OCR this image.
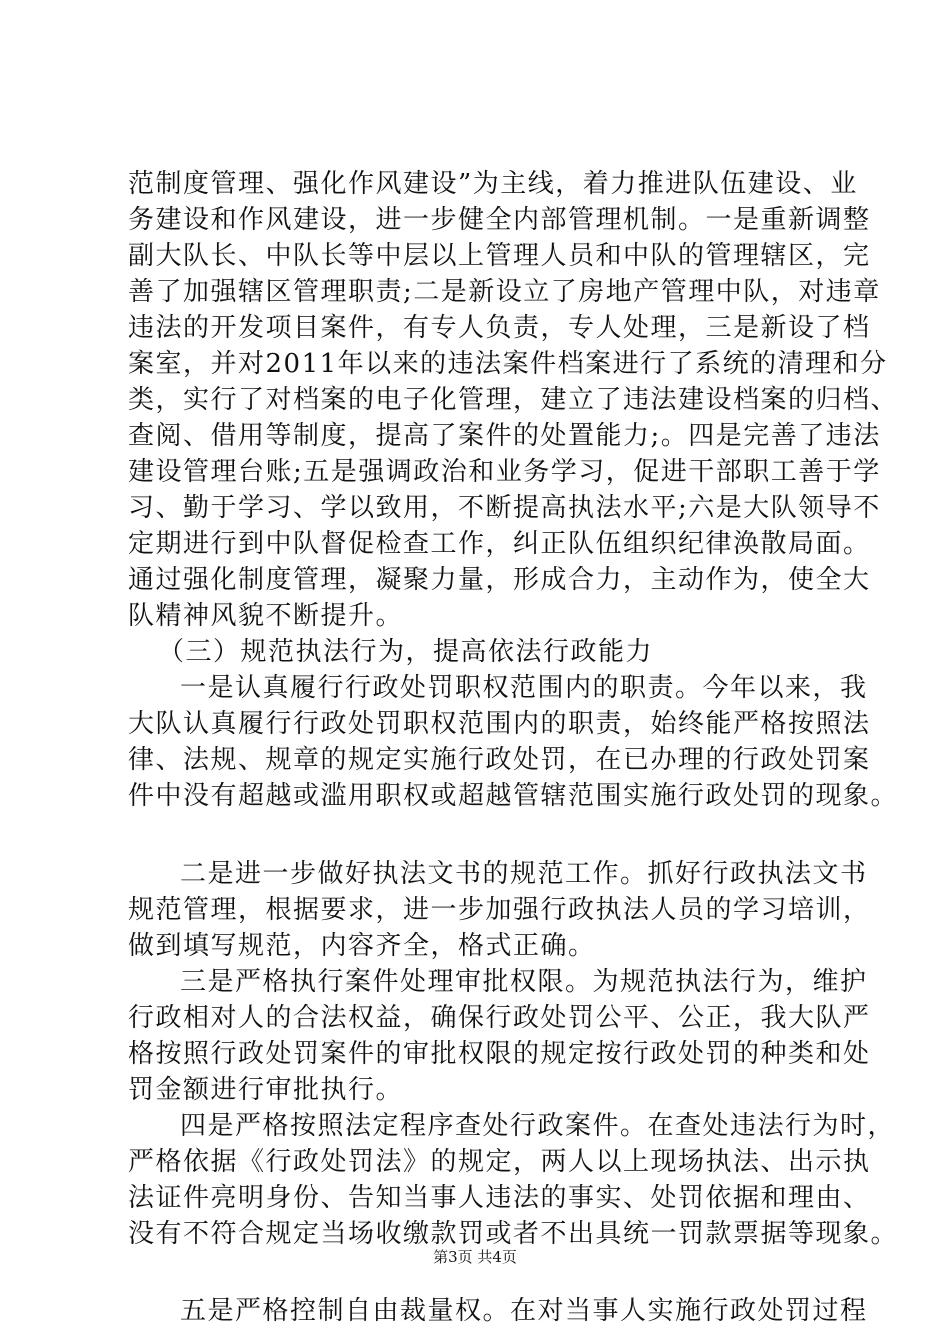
范制度管理、强化作风建设”为主线，着力推进队伍建设、业
务建设和作风建设，进一步健全内部管理机制。一是重新调整
副大队长、中队长等中层以上管理人员和中队的管理辖区，完
善了加强辖区管理职责;二是新设立了房地产管理中队，对违章
违法的开发项目案件，有专人负责，专人处理，三是新设了档
案室，并对2011年以来的违法案件档案进行了系统的清理和分
类，实行了对档案的电子化管理，建立了违法建设档案的归档、
查阅、借用等制度，提高了案件的处置能力;。四是完善了违法
建设管理台账;五是强调政治和业务学习，促进干部职工善于学
习、勤于学习、学以致用，不断提高执法水平;六是大队领导不
定期进行到中队督促检查工作，纠正队伍组织纪律涣散局面。
通过强化制度管理，凝聚力量，形成合力，主动作为，使全大
队精神风貌不断提升。
（三）规范执法行为，提高依法行政能力
一是认真履行行政处罚职权范围内的职责。今年以来，我
大队认真履行行政处罚职权范围内的职责，始终能严格按照法
律、法规、规章的规定实施行政处罚，在已办理的行政处罚案
件中没有超越或滥用职权或超越管辖范围实施行政处罚的现象。
二是进一步做好执法文书的规范工作。抓好行政执法文书
规范管理，根据要求，进一步加强行政执法人员的学习培训，
做到填写规范，内容齐全，格式正确。
三是严格执行案件处理审批权限。为规范执法行为，维护
行政相对人的合法权益，确保行政处罚公平、公正，我大队严
格按照行政处罚案件的审批权限的规定按行政处罚的种类和处
罚金额进行审批执行。
四是严格按照法定程序查处行政案件。在查处违法行为时，
严格依据《行政处罚法》的规定，两人以上现场执法、出示执
法证件亮明身份、告知当事人违法的事实、处罚依据和理由、
没有不符合规定当场收缴款罚或者不出具统一罚款票据等现象。
五是严格控制自由裁量权。在对当事人实施行政处罚过程
第3页 共4页
